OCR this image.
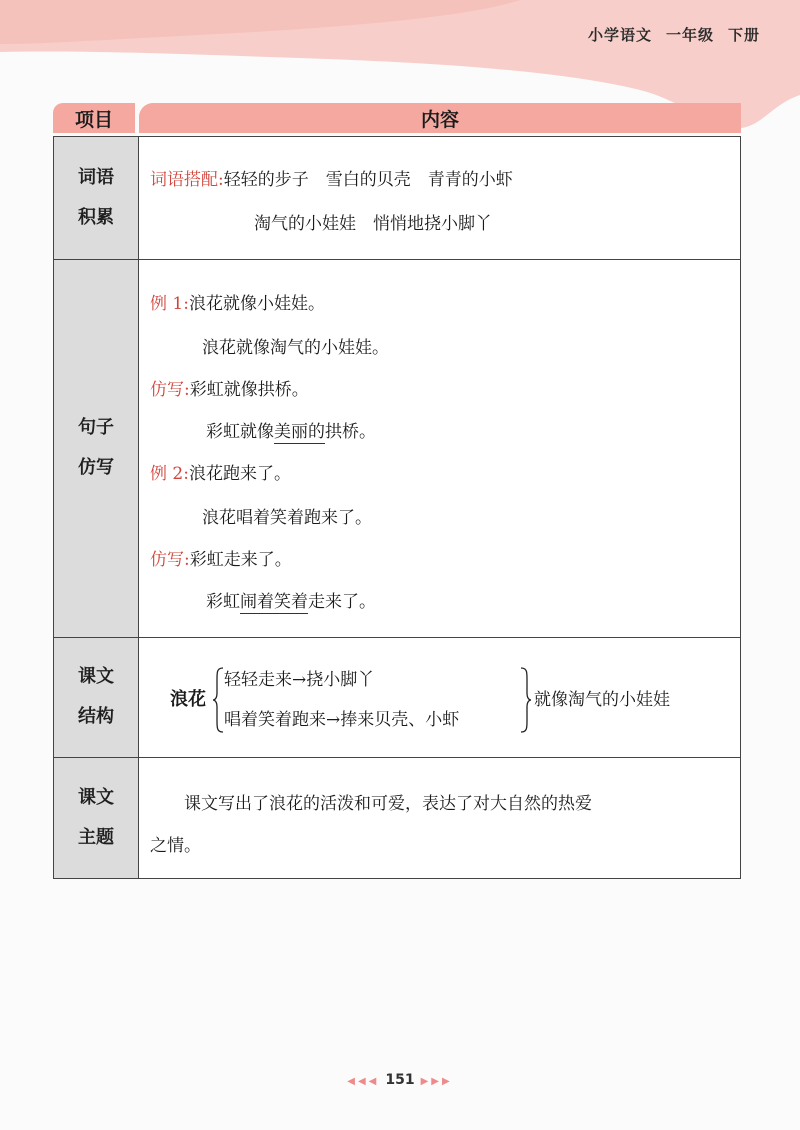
小学语文 一年级 下册
项目	内容
词语
积累
词语搭配:轻轻的步子　雪白的贝壳　青青的小虾
淘气的小娃娃　悄悄地挠小脚丫
句子
仿写
例 1:浪花就像小娃娃。
浪花就像淘气的小娃娃。
仿写:彩虹就像拱桥。
彩虹就像美丽的拱桥。
例 2:浪花跑来了。
浪花唱着笑着跑来了。
仿写:彩虹走来了。
彩虹闹着笑着走来了。
课文
结构
浪花
轻轻走来→挠小脚丫
唱着笑着跑来→捧来贝壳、小虾
就像淘气的小娃娃
课文
主题
课文写出了浪花的活泼和可爱，表达了对大自然的热爱
之情。
◀◀◀ 151 ▶▶▶
